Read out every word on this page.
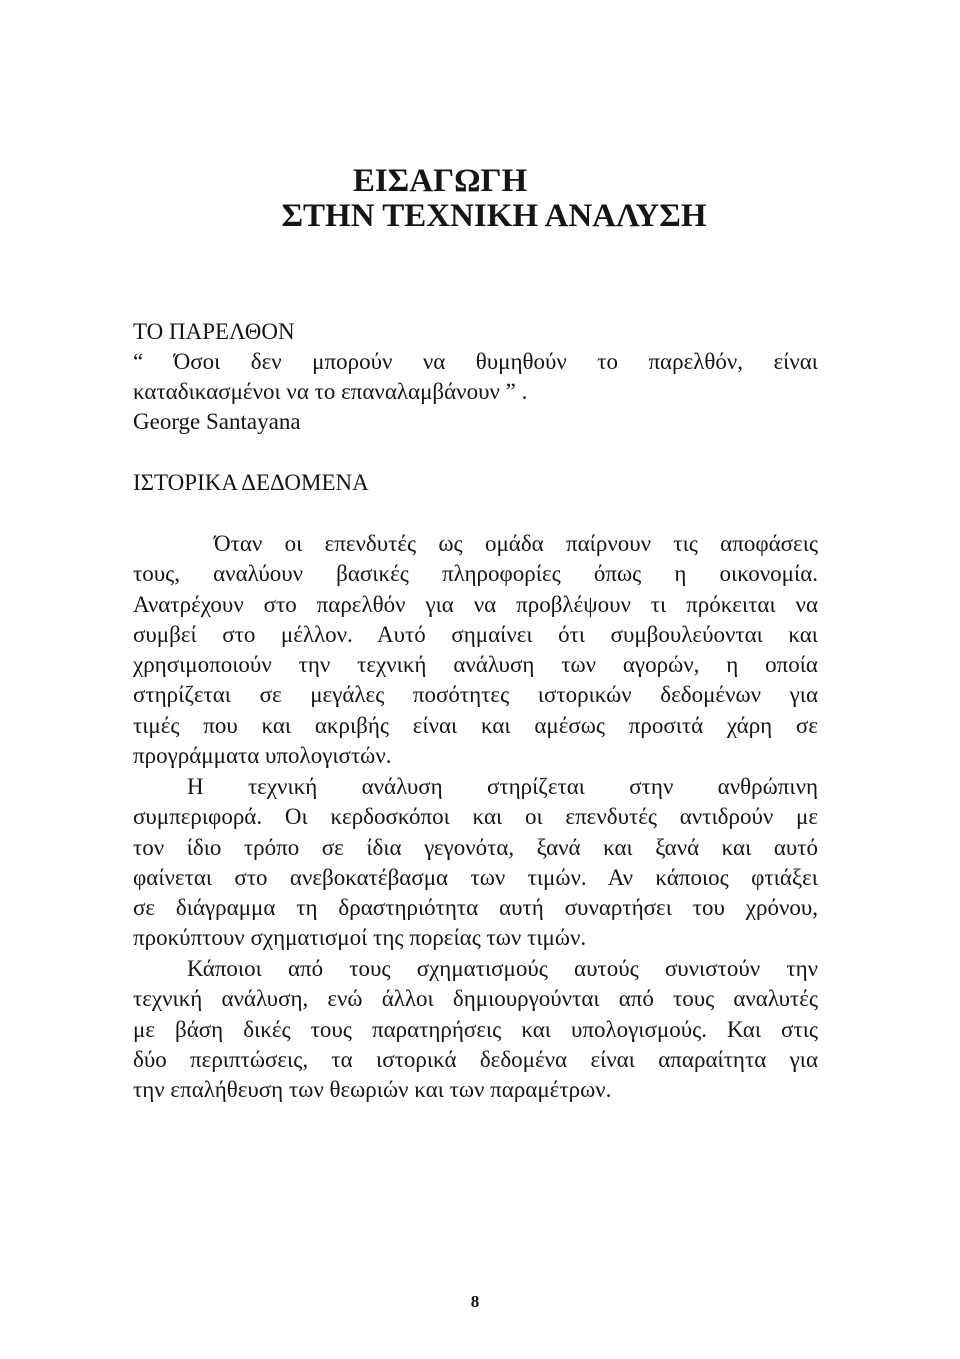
ΕΙΣΑΓΩΓΗ
ΣΤΗΝ ΤΕΧΝΙΚΗ ΑΝΑΛΥΣΗ
ΤΟ ΠΑΡΕΛΘΟΝ
“ Όσοι δεν μπορούν να θυμηθούν το παρελθόν, είναι
καταδικασμένοι να το επαναλαμβάνουν ” .
George Santayana
ΙΣΤΟΡΙΚΑ ΔΕΔΟΜΕΝΑ
Όταν οι επενδυτές ως ομάδα παίρνουν τις αποφάσεις
τους, αναλύουν βασικές πληροφορίες όπως η οικονομία.
Ανατρέχουν στο παρελθόν για να προβλέψουν τι πρόκειται να
συμβεί στο μέλλον. Αυτό σημαίνει ότι συμβουλεύονται και
χρησιμοποιούν την τεχνική ανάλυση των αγορών, η οποία
στηρίζεται σε μεγάλες ποσότητες ιστορικών δεδομένων για
τιμές που και ακριβής είναι και αμέσως προσιτά χάρη σε
προγράμματα υπολογιστών.
Η τεχνική ανάλυση στηρίζεται στην ανθρώπινη
συμπεριφορά. Οι κερδοσκόποι και οι επενδυτές αντιδρούν με
τον ίδιο τρόπο σε ίδια γεγονότα, ξανά και ξανά και αυτό
φαίνεται στο ανεβοκατέβασμα των τιμών. Αν κάποιος φτιάξει
σε διάγραμμα τη δραστηριότητα αυτή συναρτήσει του χρόνου,
προκύπτουν σχηματισμοί της πορείας των τιμών.
Κάποιοι από τους σχηματισμούς αυτούς συνιστούν την
τεχνική ανάλυση, ενώ άλλοι δημιουργούνται από τους αναλυτές
με βάση δικές τους παρατηρήσεις και υπολογισμούς. Και στις
δύο περιπτώσεις, τα ιστορικά δεδομένα είναι απαραίτητα για
την επαλήθευση των θεωριών και των παραμέτρων.
8
